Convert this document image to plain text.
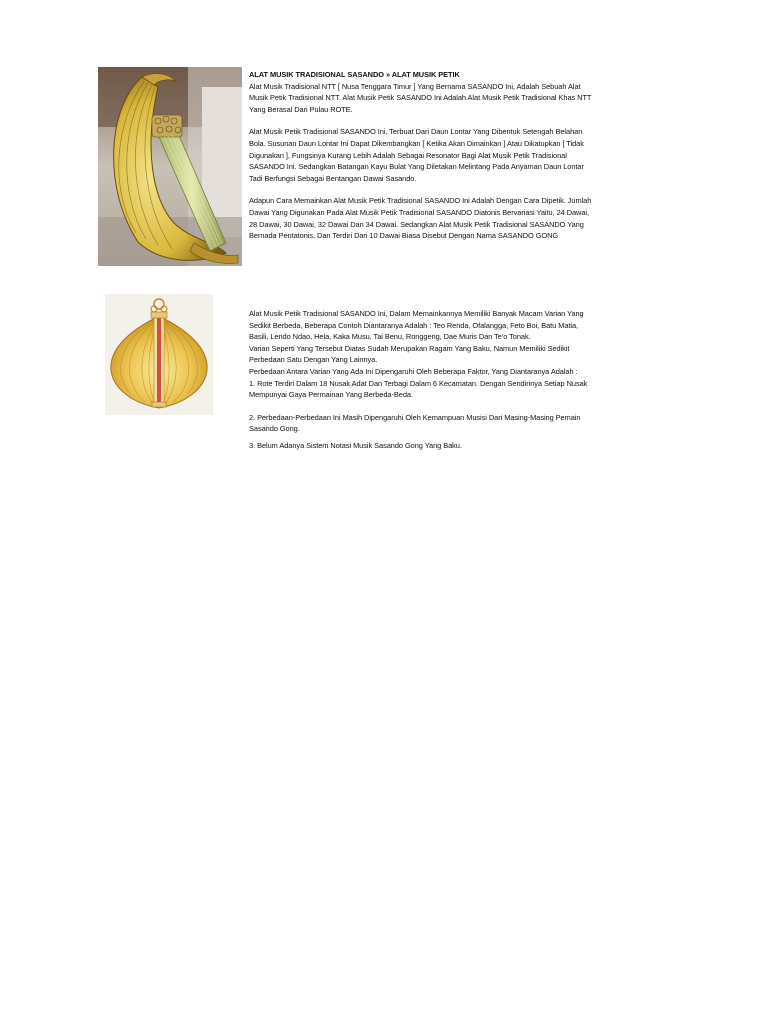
ALAT MUSIK TRADISIONAL SASANDO » ALAT MUSIK PETIK

Alat Musik Tradisional NTT [ Nusa Tenggara Timur ] Yang Bernama SASANDO Ini, Adalah Sebuah Alat Musik Petik Tradisional NTT. Alat Musik Petik SASANDO Ini Adalah Alat Musik Petik Tradisional Khas NTT Yang Berasal Dari Pulau ROTE.

Alat Musik Petik Tradisional SASANDO Ini, Terbuat Dari Daun Lontar Yang Dibentuk Setengah Belahan Bola. Susunan Daun Lontar Ini Dapat Dikembangkan [ Ketika Akan Dimainkan ] Atau Dikatupkan [ Tidak Digunakan ], Fungsinya Kurang Lebih Adalah Sebagai Resonator Bagi Alat Musik Petik Tradisional SASANDO Ini. Sedangkan Batangan Kayu Bulat Yang Diletakan Melintang Pada Anyaman Daun Lontar Tadi Berfungsi Sebagai Bentangan Dawai Sasando.

Adapun Cara Memainkan Alat Musik Petik Tradisional SASANDO Ini Adalah Dengan Cara Dipetik. Jumlah Dawai Yang Digunakan Pada Alat Musik Petik Tradisional SASANDO Diatonis Bervariasi Yaitu, 24 Dawai, 28 Dawai, 30 Dawai, 32 Dawai Dan 34 Dawai. Sedangkan Alat Musik Petik Tradisional SASANDO Yang Bernada Pentatonis, Dan Terdiri Dari 10 Dawai Biasa Disebut Dengan Nama SASANDO GONG

Alat Musik Petik Tradisional SASANDO Ini, Dalam Memainkannya Memiliki Banyak Macam Varian Yang Sedikit Berbeda, Beberapa Contoh Diantaranya Adalah : Teo Renda, Ofalangga, Feto Boi, Batu Matia, Basili, Lendo Ndao, Hela, Kaka Musu, Tai Benu, Ronggeng, Dae Muris Dan Te'o Tonak.

Varian Seperti Yang Tersebut Diatas Sudah Merupakan Ragam Yang Baku, Namun Memiliki Sedikit Perbedaan Satu Dengan Yang Lainnya.

Perbedaan Antara Varian Yang Ada Ini Dipengaruhi Oleh Beberapa Faktor, Yang Diantaranya Adalah :

1. Rote Terdiri Dalam 18 Nusak Adat Dan Terbagi Dalam 6 Kecamatan. Dengan Sendirinya Setiap Nusak Mempunyai Gaya Permainan Yang Berbeda-Beda.

2. Perbedaan-Perbedaan Ini Masih Dipengaruhi Oleh Kemampuan Musisi Dari Masing-Masing Pemain Sasando Gong.

3. Belum Adanya Sistem Notasi Musik Sasando Gong Yang Baku.
